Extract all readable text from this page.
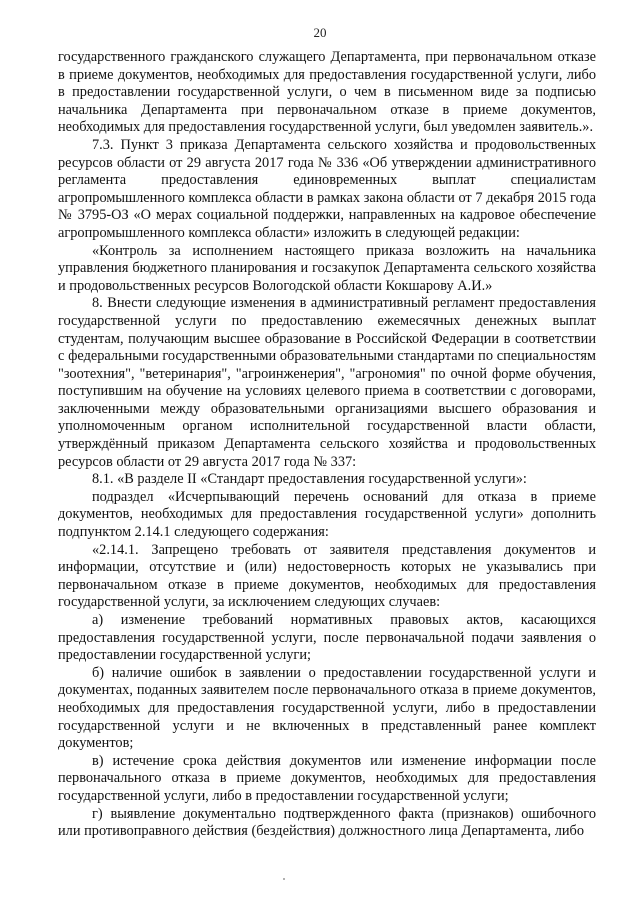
20

государственного гражданского служащего Департамента, при первоначальном отказе в приеме документов, необходимых для предоставления государственной услуги, либо в предоставлении государственной услуги, о чем в письменном виде за подписью начальника Департамента при первоначальном отказе в приеме документов, необходимых для предоставления государственной услуги, был уведомлен заявитель.».

7.3. Пункт 3 приказа Департамента сельского хозяйства и продовольственных ресурсов области от 29 августа 2017 года № 336 «Об утверждении административного регламента предоставления единовременных выплат специалистам агропромышленного комплекса области в рамках закона области от 7 декабря 2015 года № 3795-ОЗ «О мерах социальной поддержки, направленных на кадровое обеспечение агропромышленного комплекса области» изложить в следующей редакции:

«Контроль за исполнением настоящего приказа возложить на начальника управления бюджетного планирования и госзакупок Департамента сельского хозяйства и продовольственных ресурсов Вологодской области Кокшарову А.И.»

8. Внести следующие изменения в административный регламент предоставления государственной услуги по предоставлению ежемесячных денежных выплат студентам, получающим высшее образование в Российской Федерации в соответствии с федеральными государственными образовательными стандартами по специальностям "зоотехния", "ветеринария", "агроинженерия", "агрономия" по очной форме обучения, поступившим на обучение на условиях целевого приема в соответствии с договорами, заключенными между образовательными организациями высшего образования и уполномоченным органом исполнительной государственной власти области, утверждённый приказом Департамента сельского хозяйства и продовольственных ресурсов области от 29 августа 2017 года № 337:

8.1. «В разделе II «Стандарт предоставления государственной услуги»:

подраздел «Исчерпывающий перечень оснований для отказа в приеме документов, необходимых для предоставления государственной услуги» дополнить подпунктом 2.14.1 следующего содержания:

«2.14.1. Запрещено требовать от заявителя представления документов и информации, отсутствие и (или) недостоверность которых не указывались при первоначальном отказе в приеме документов, необходимых для предоставления государственной услуги, за исключением следующих случаев:

а) изменение требований нормативных правовых актов, касающихся предоставления государственной услуги, после первоначальной подачи заявления о предоставлении государственной услуги;

б) наличие ошибок в заявлении о предоставлении государственной услуги и документах, поданных заявителем после первоначального отказа в приеме документов, необходимых для предоставления государственной услуги, либо в предоставлении государственной услуги и не включенных в представленный ранее комплект документов;

в) истечение срока действия документов или изменение информации после первоначального отказа в приеме документов, необходимых для предоставления государственной услуги, либо в предоставлении государственной услуги;

г) выявление документально подтвержденного факта (признаков) ошибочного или противоправного действия (бездействия) должностного лица Департамента, либо
